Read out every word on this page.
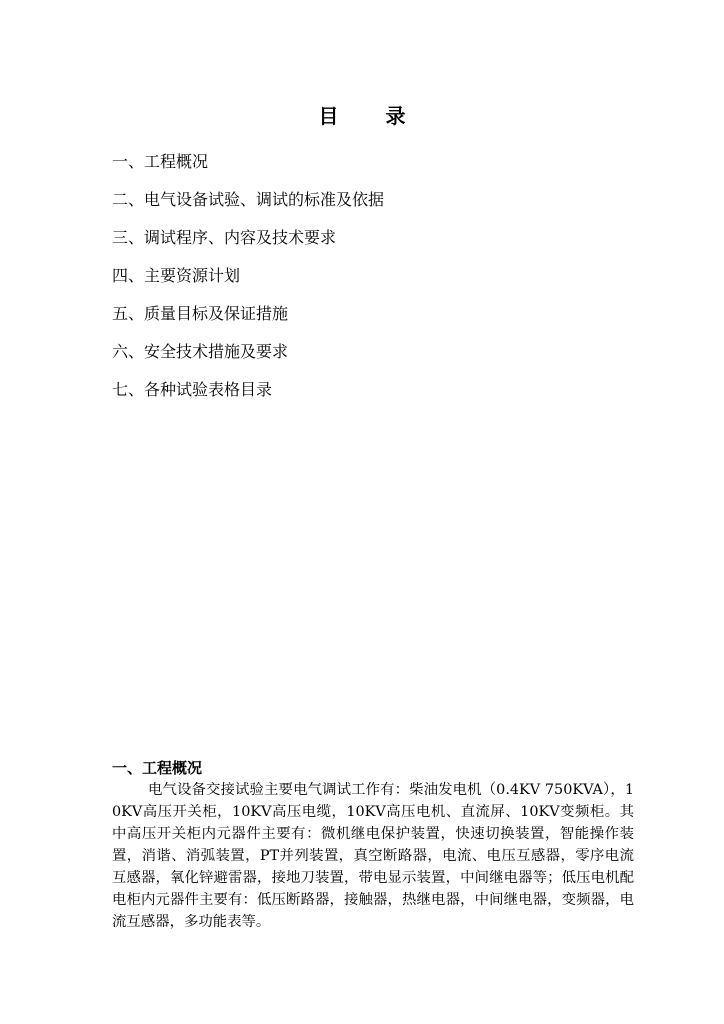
目 录
一、工程概况
二、电气设备试验、调试的标准及依据
三、调试程序、内容及技术要求
四、主要资源计划
五、质量目标及保证措施
六、安全技术措施及要求
七、各种试验表格目录
一、工程概况
电气设备交接试验主要电气调试工作有：柴油发电机（0.4KV 750KVA），10KV高压开关柜，10KV高压电缆，10KV高压电机、直流屏、10KV变频柜。其中高压开关柜内元器件主要有：微机继电保护装置，快速切换装置，智能操作装置，消谐、消弧装置，PT并列装置，真空断路器，电流、电压互感器，零序电流互感器，氧化锌避雷器，接地刀装置，带电显示装置，中间继电器等；低压电机配电柜内元器件主要有：低压断路器，接触器，热继电器，中间继电器，变频器，电流互感器，多功能表等。
